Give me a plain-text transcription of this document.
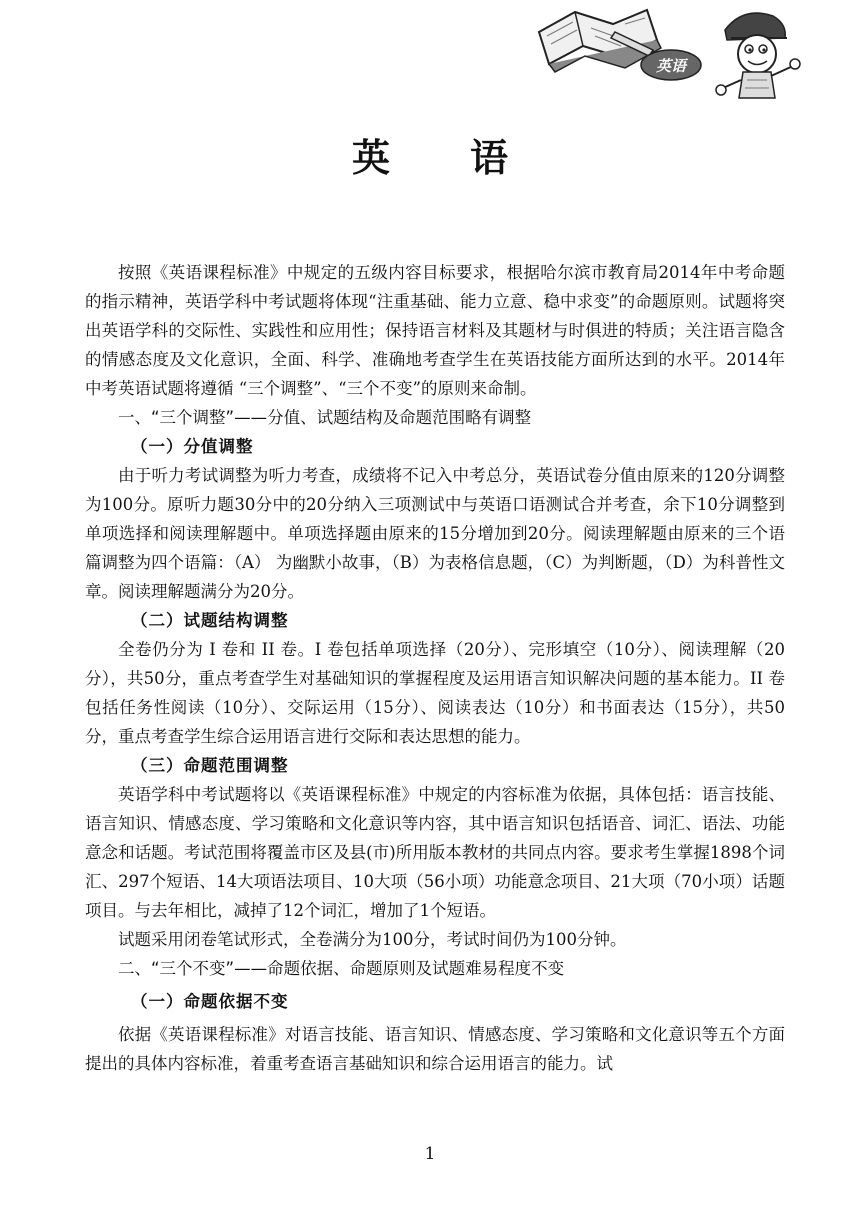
英语
英语

按照《英语课程标准》中规定的五级内容目标要求，根据哈尔滨市教育局2014年中考命题的指示精神，英语学科中考试题将体现“注重基础、能力立意、稳中求变”的命题原则。试题将突出英语学科的交际性、实践性和应用性；保持语言材料及其题材与时俱进的特质；关注语言隐含的情感态度及文化意识，全面、科学、准确地考查学生在英语技能方面所达到的水平。2014年中考英语试题将遵循 “三个调整”、“三个不变”的原则来命制。

一、“三个调整”——分值、试题结构及命题范围略有调整

（一）分值调整

由于听力考试调整为听力考查，成绩将不记入中考总分，英语试卷分值由原来的120分调整为100分。原听力题30分中的20分纳入三项测试中与英语口语测试合并考查，余下10分调整到单项选择和阅读理解题中。单项选择题由原来的15分增加到20分。阅读理解题由原来的三个语篇调整为四个语篇：（A） 为幽默小故事，（B）为表格信息题，（C）为判断题，（D）为科普性文章。阅读理解题满分为20分。

（二）试题结构调整

全卷仍分为 I 卷和 II 卷。I 卷包括单项选择（20分）、完形填空（10分）、阅读理解（20分），共50分，重点考查学生对基础知识的掌握程度及运用语言知识解决问题的基本能力。II 卷包括任务性阅读（10分）、交际运用（15分）、阅读表达（10分）和书面表达（15分），共50分，重点考查学生综合运用语言进行交际和表达思想的能力。

（三）命题范围调整

英语学科中考试题将以《英语课程标准》中规定的内容标准为依据，具体包括：语言技能、语言知识、情感态度、学习策略和文化意识等内容，其中语言知识包括语音、词汇、语法、功能意念和话题。考试范围将覆盖市区及县(市)所用版本教材的共同点内容。要求考生掌握1898个词汇、297个短语、14大项语法项目、10大项（56小项）功能意念项目、21大项（70小项）话题项目。与去年相比，减掉了12个词汇，增加了1个短语。

试题采用闭卷笔试形式，全卷满分为100分，考试时间仍为100分钟。

二、“三个不变”——命题依据、命题原则及试题难易程度不变

（一）命题依据不变

依据《英语课程标准》对语言技能、语言知识、情感态度、学习策略和文化意识等五个方面提出的具体内容标准，着重考查语言基础知识和综合运用语言的能力。试

1
